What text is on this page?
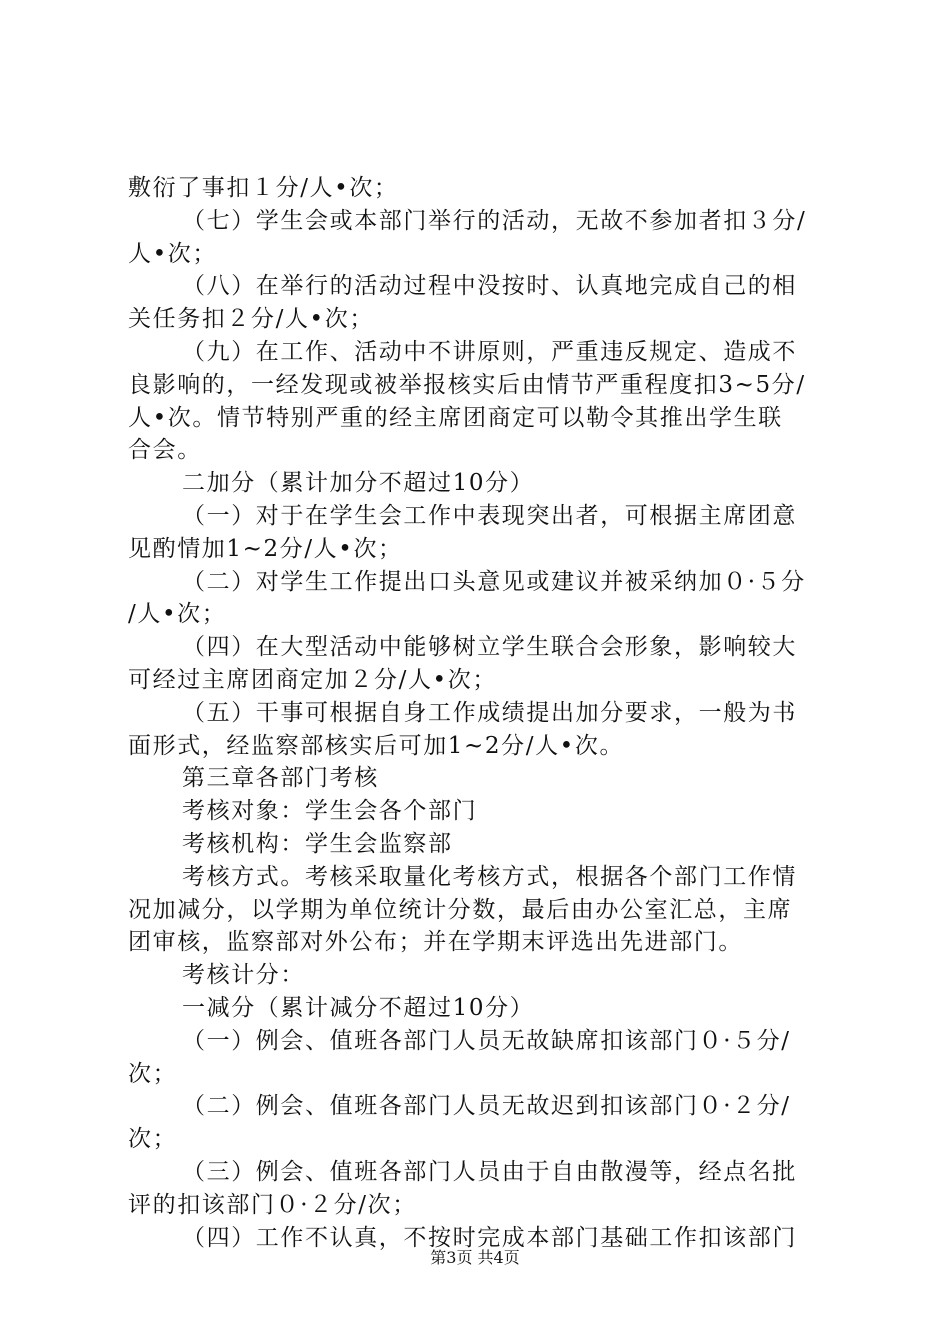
敷衍了事扣１分/人•次；
（七）学生会或本部门举行的活动，无故不参加者扣３分/
人•次；
（八）在举行的活动过程中没按时、认真地完成自己的相
关任务扣２分/人•次；
（九）在工作、活动中不讲原则，严重违反规定、造成不
良影响的，一经发现或被举报核实后由情节严重程度扣3~5分/
人•次。情节特别严重的经主席团商定可以勒令其推出学生联
合会。
二加分（累计加分不超过10分）
（一）对于在学生会工作中表现突出者，可根据主席团意
见酌情加1~2分/人•次；
（二）对学生工作提出口头意见或建议并被采纳加０·５分
/人•次；
（四）在大型活动中能够树立学生联合会形象，影响较大
可经过主席团商定加２分/人•次；
（五）干事可根据自身工作成绩提出加分要求，一般为书
面形式，经监察部核实后可加1~2分/人•次。
第三章各部门考核
考核对象：学生会各个部门
考核机构：学生会监察部
考核方式。考核采取量化考核方式，根据各个部门工作情
况加减分，以学期为单位统计分数，最后由办公室汇总，主席
团审核，监察部对外公布；并在学期末评选出先进部门。
考核计分：
一减分（累计减分不超过10分）
（一）例会、值班各部门人员无故缺席扣该部门０·５分/
次；
（二）例会、值班各部门人员无故迟到扣该部门０·２分/
次；
（三）例会、值班各部门人员由于自由散漫等，经点名批
评的扣该部门０·２分/次；
（四）工作不认真，不按时完成本部门基础工作扣该部门
第3页 共4页
